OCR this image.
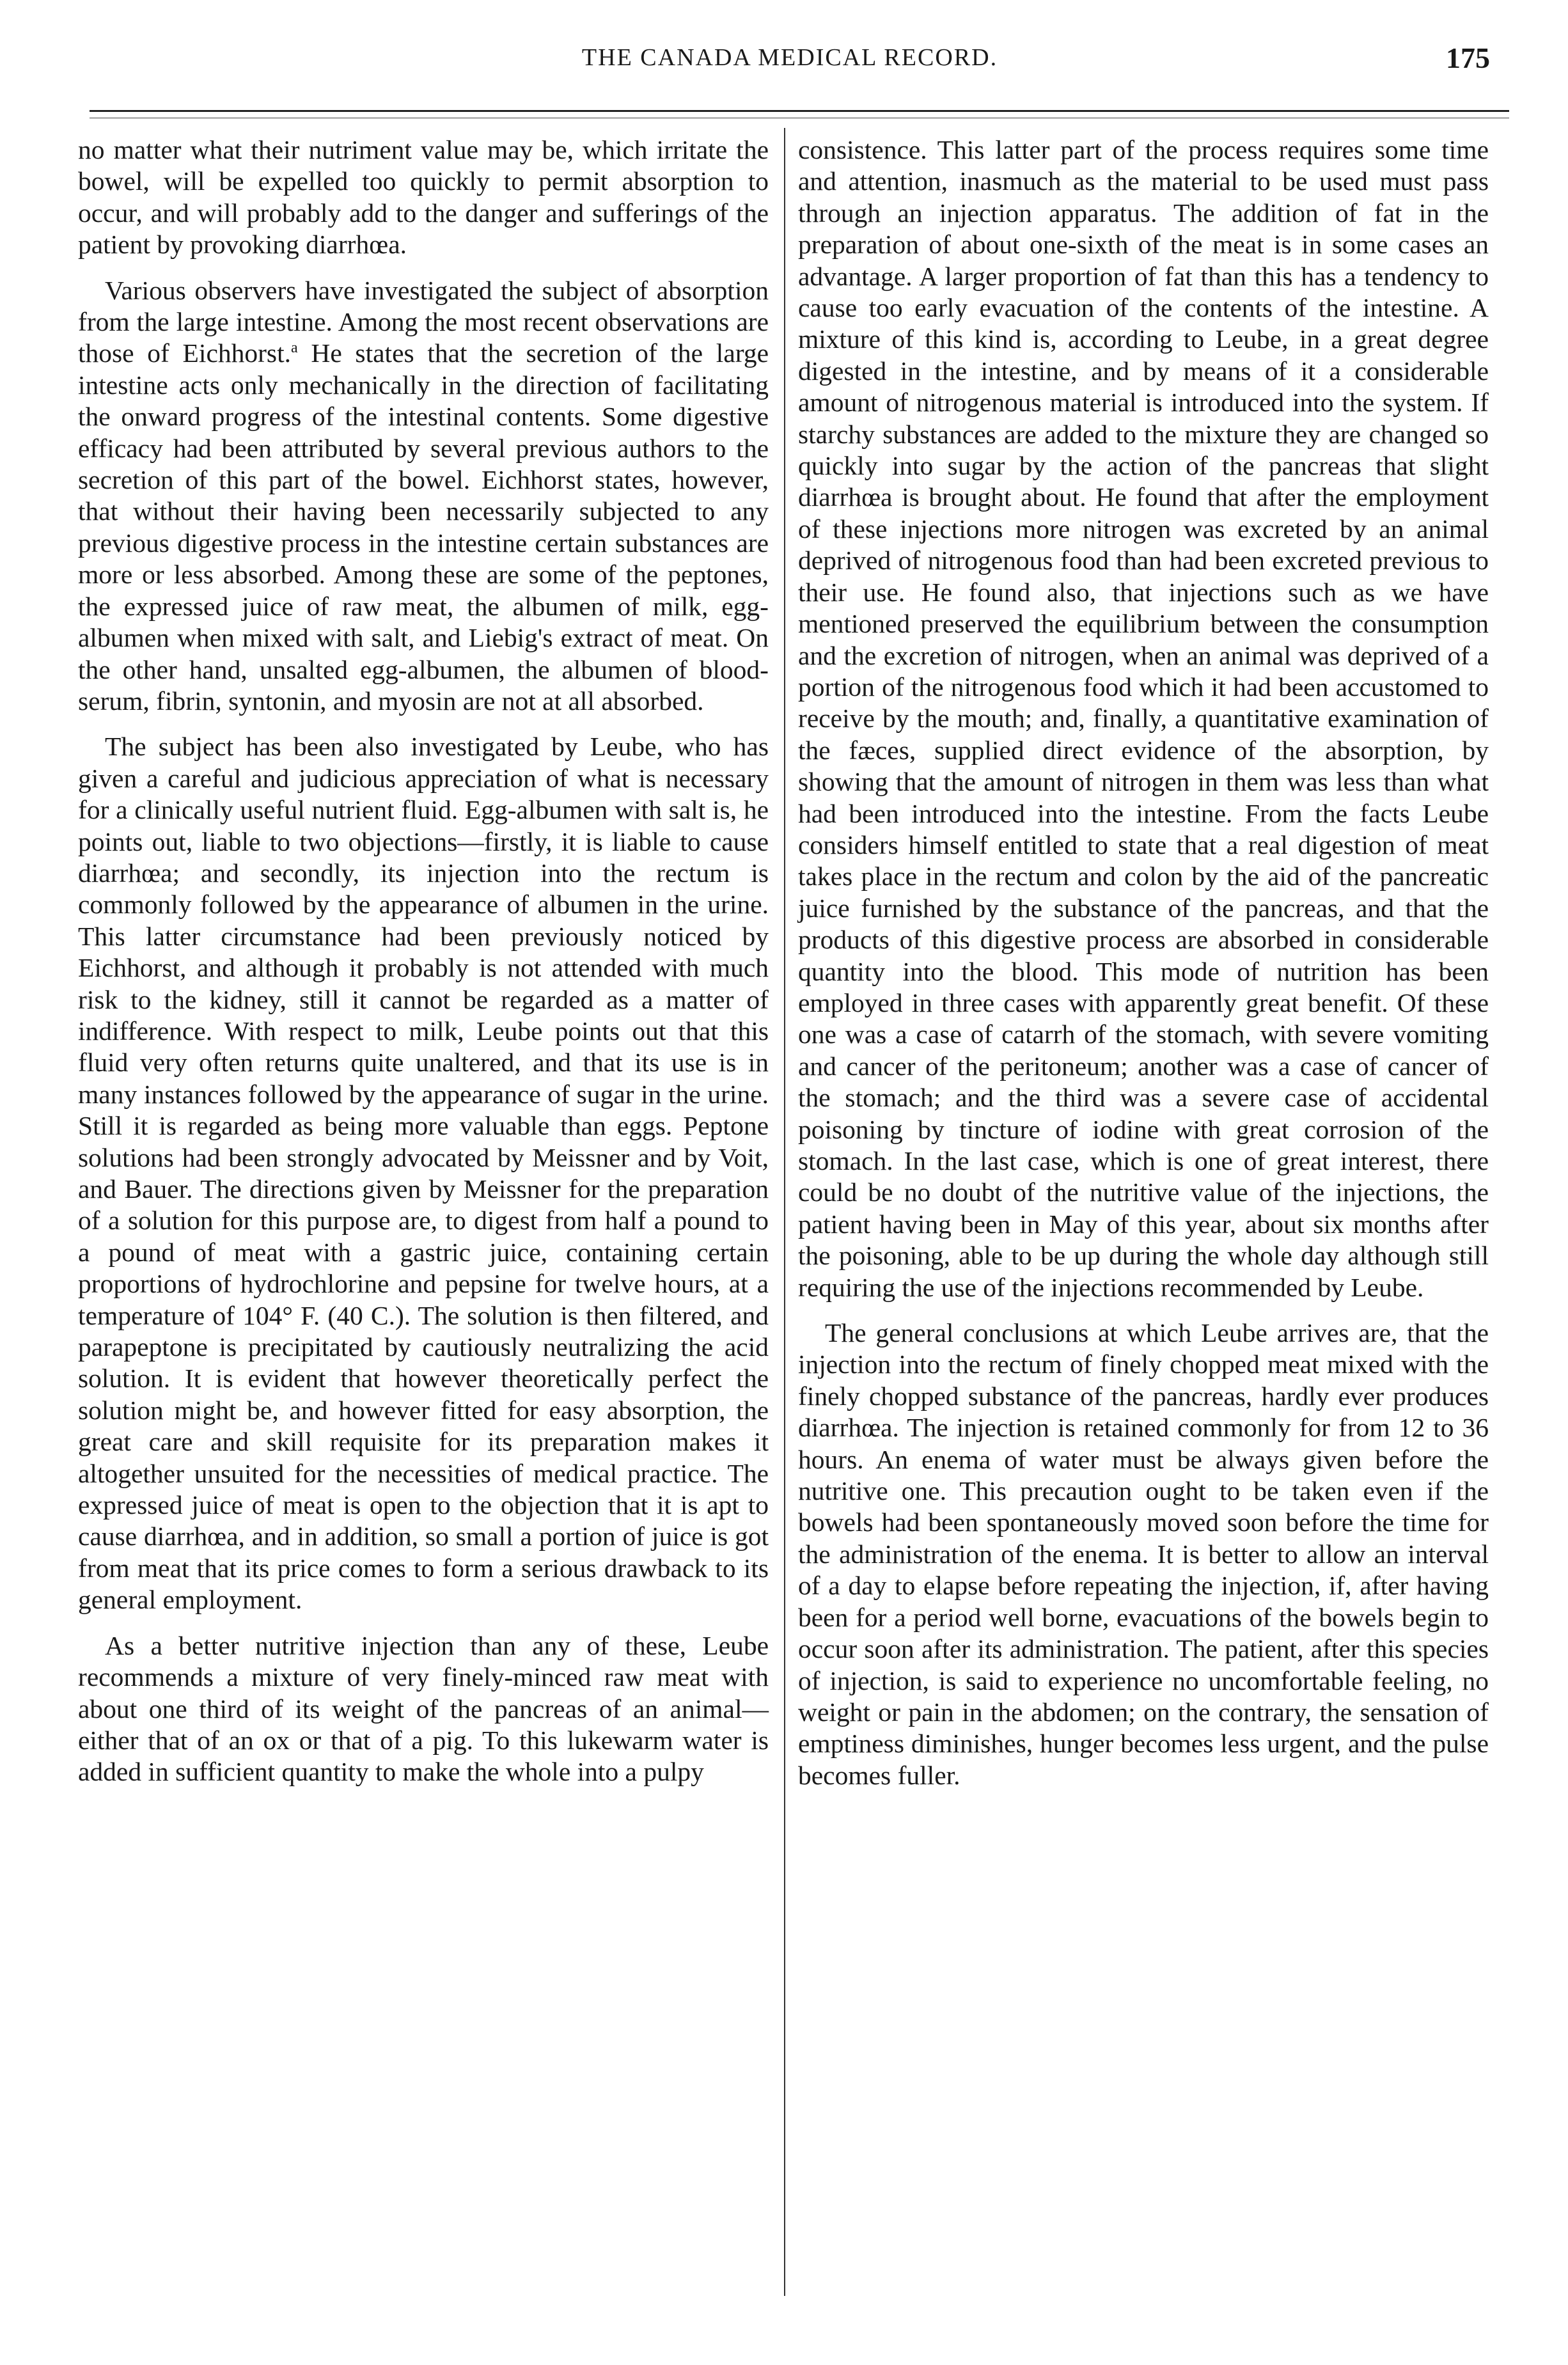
THE CANADA MEDICAL RECORD.	175

no matter what their nutriment value may be, which irritate the bowel, will be expelled too quickly to permit absorption to occur, and will probably add to the danger and sufferings of the patient by provoking diarrhœa.

Various observers have investigated the subject of absorption from the large intestine. Among the most recent observations are those of Eichhorst.$^a$ He states that the secretion of the large intestine acts only mechanically in the direction of facilitating the onward progress of the intestinal contents. Some digestive efficacy had been attributed by several previous authors to the secretion of this part of the bowel. Eichhorst states, however, that without their having been necessarily subjected to any previous digestive process in the intestine certain substances are more or less absorbed. Among these are some of the peptones, the expressed juice of raw meat, the albumen of milk, egg-albumen when mixed with salt, and Liebig's extract of meat. On the other hand, unsalted egg-albumen, the albumen of blood-serum, fibrin, syntonin, and myosin are not at all absorbed.

The subject has been also investigated by Leube, who has given a careful and judicious appreciation of what is necessary for a clinically useful nutrient fluid. Egg-albumen with salt is, he points out, liable to two objections—firstly, it is liable to cause diarrhœa; and secondly, its injection into the rectum is commonly followed by the appearance of albumen in the urine. This latter circumstance had been previously noticed by Eichhorst, and although it probably is not attended with much risk to the kidney, still it cannot be regarded as a matter of indifference. With respect to milk, Leube points out that this fluid very often returns quite unaltered, and that its use is in many instances followed by the appearance of sugar in the urine. Still it is regarded as being more valuable than eggs. Peptone solutions had been strongly advocated by Meissner and by Voit, and Bauer. The directions given by Meissner for the preparation of a solution for this purpose are, to digest from half a pound to a pound of meat with a gastric juice, containing certain proportions of hydrochlorine and pepsine for twelve hours, at a temperature of 104° F. (40 C.). The solution is then filtered, and parapeptone is precipitated by cautiously neutralizing the acid solution. It is evident that however theoretically perfect the solution might be, and however fitted for easy absorption, the great care and skill requisite for its preparation makes it altogether unsuited for the necessities of medical practice. The expressed juice of meat is open to the objection that it is apt to cause diarrhœa, and in addition, so small a portion of juice is got from meat that its price comes to form a serious drawback to its general employment.

As a better nutritive injection than any of these, Leube recommends a mixture of very finely-minced raw meat with about one third of its weight of the pancreas of an animal—either that of an ox or that of a pig. To this lukewarm water is added in sufficient quantity to make the whole into a pulpy

consistence. This latter part of the process requires some time and attention, inasmuch as the material to be used must pass through an injection apparatus. The addition of fat in the preparation of about one-sixth of the meat is in some cases an advantage. A larger proportion of fat than this has a tendency to cause too early evacuation of the contents of the intestine. A mixture of this kind is, according to Leube, in a great degree digested in the intestine, and by means of it a considerable amount of nitrogenous material is introduced into the system. If starchy substances are added to the mixture they are changed so quickly into sugar by the action of the pancreas that slight diarrhœa is brought about. He found that after the employment of these injections more nitrogen was excreted by an animal deprived of nitrogenous food than had been excreted previous to their use. He found also, that injections such as we have mentioned preserved the equilibrium between the consumption and the excretion of nitrogen, when an animal was deprived of a portion of the nitrogenous food which it had been accustomed to receive by the mouth; and, finally, a quantitative examination of the fæces, supplied direct evidence of the absorption, by showing that the amount of nitrogen in them was less than what had been introduced into the intestine. From the facts Leube considers himself entitled to state that a real digestion of meat takes place in the rectum and colon by the aid of the pancreatic juice furnished by the substance of the pancreas, and that the products of this digestive process are absorbed in considerable quantity into the blood. This mode of nutrition has been employed in three cases with apparently great benefit. Of these one was a case of catarrh of the stomach, with severe vomiting and cancer of the peritoneum; another was a case of cancer of the stomach; and the third was a severe case of accidental poisoning by tincture of iodine with great corrosion of the stomach. In the last case, which is one of great interest, there could be no doubt of the nutritive value of the injections, the patient having been in May of this year, about six months after the poisoning, able to be up during the whole day although still requiring the use of the injections recommended by Leube.

The general conclusions at which Leube arrives are, that the injection into the rectum of finely chopped meat mixed with the finely chopped substance of the pancreas, hardly ever produces diarrhœa. The injection is retained commonly for from 12 to 36 hours. An enema of water must be always given before the nutritive one. This precaution ought to be taken even if the bowels had been spontaneously moved soon before the time for the administration of the enema. It is better to allow an interval of a day to elapse before repeating the injection, if, after having been for a period well borne, evacuations of the bowels begin to occur soon after its administration. The patient, after this species of injection, is said to experience no uncomfortable feeling, no weight or pain in the abdomen; on the contrary, the sensation of emptiness diminishes, hunger becomes less urgent, and the pulse becomes fuller.
